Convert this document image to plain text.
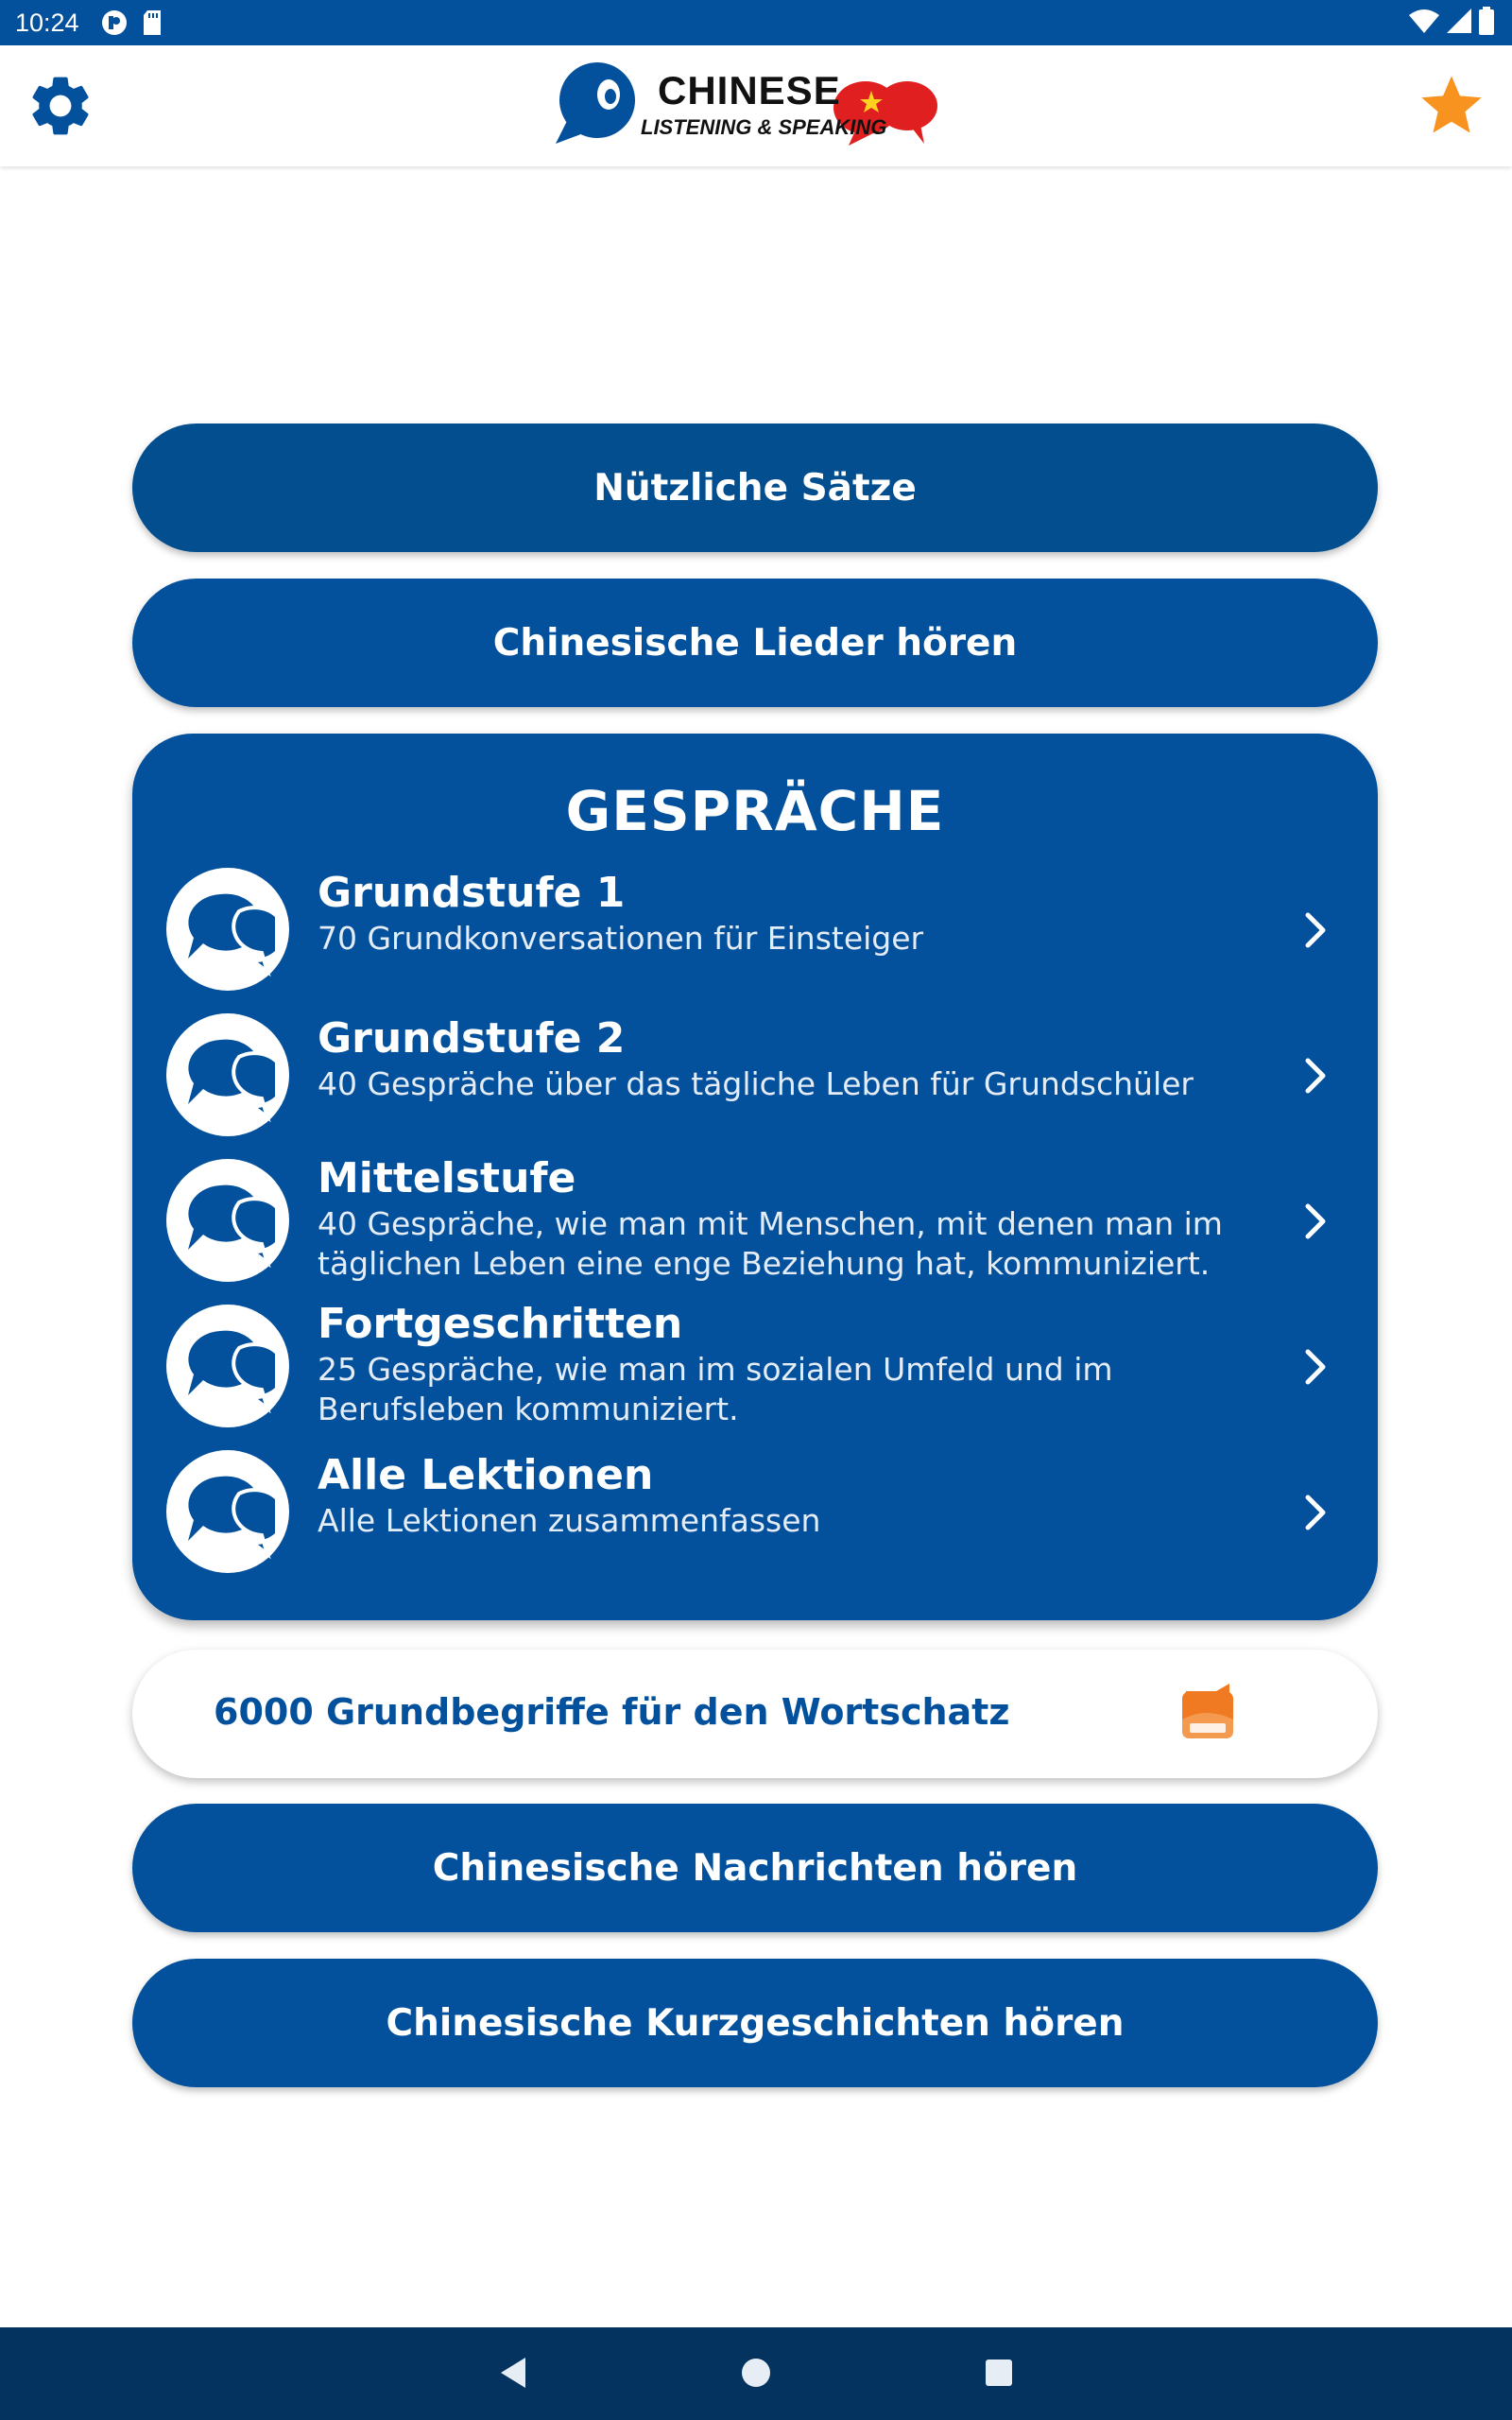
10:24
CHINESE
LISTENING & SPEAKING
Nützliche Sätze
Chinesische Lieder hören
GESPRÄCHE
Grundstufe 1
70 Grundkonversationen für Einsteiger
Grundstufe 2
40 Gespräche über das tägliche Leben für Grundschüler
Mittelstufe
40 Gespräche, wie man mit Menschen, mit denen man im täglichen Leben eine enge Beziehung hat, kommuniziert.
Fortgeschritten
25 Gespräche, wie man im sozialen Umfeld und im Berufsleben kommuniziert.
Alle Lektionen
Alle Lektionen zusammenfassen
6000 Grundbegriffe für den Wortschatz
Chinesische Nachrichten hören
Chinesische Kurzgeschichten hören
